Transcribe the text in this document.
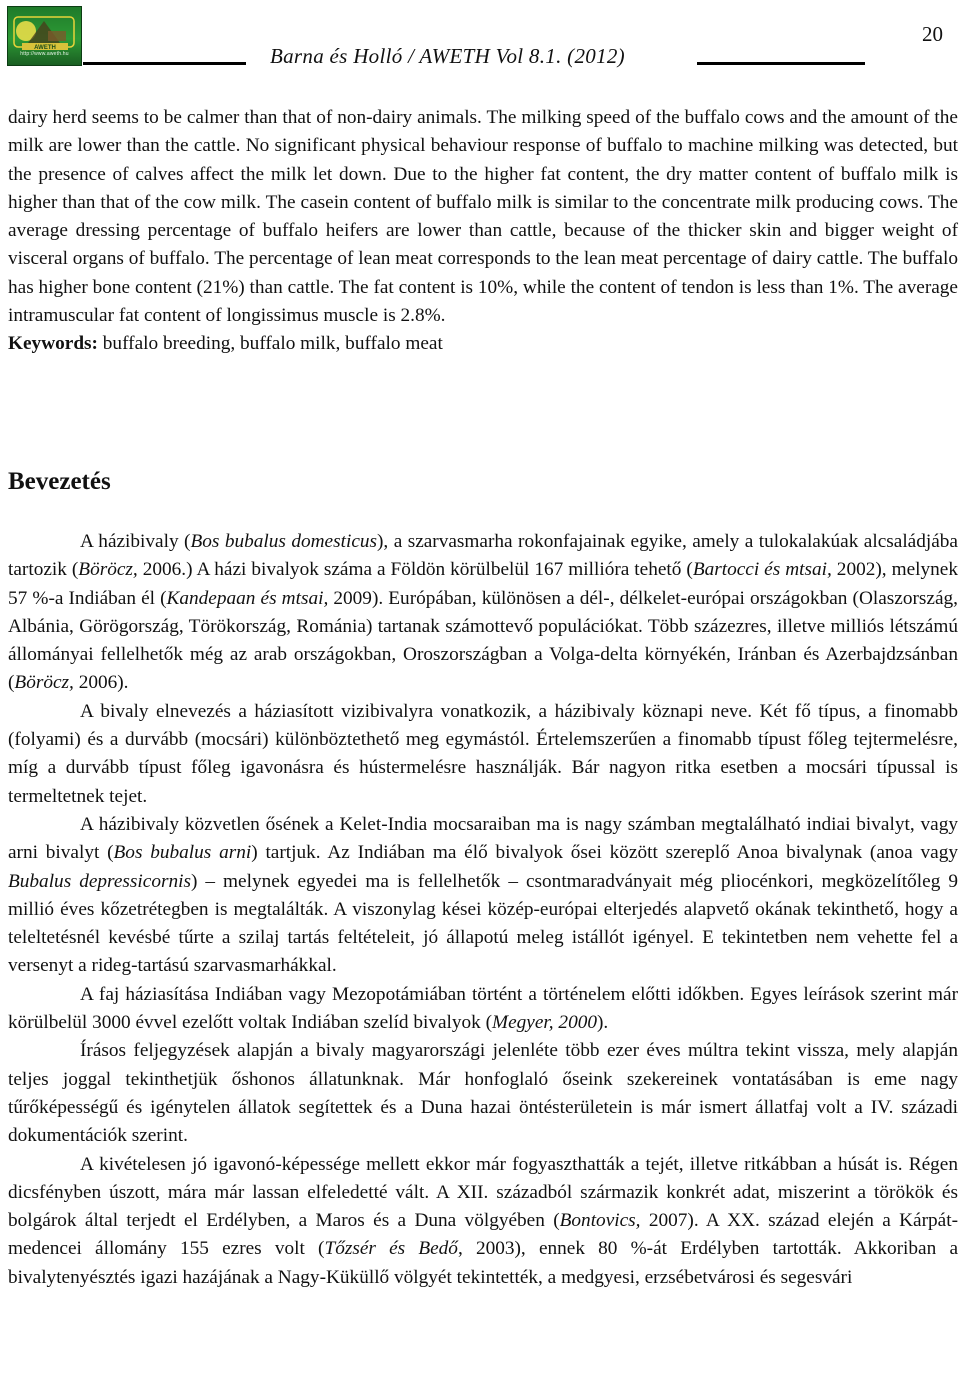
AWETH
http://www.aweth.hu	Barna és Holló / AWETH Vol 8.1. (2012)
20

dairy herd seems to be calmer than that of non-dairy animals. The milking speed of the buffalo cows and the amount of the milk are lower than the cattle. No significant physical behaviour response of buffalo to machine milking was detected, but the presence of calves affect the milk let down. Due to the higher fat content, the dry matter content of buffalo milk is higher than that of the cow milk. The casein content of buffalo milk is similar to the concentrate milk producing cows. The average dressing percentage of buffalo heifers are lower than cattle, because of the thicker skin and bigger weight of visceral organs of buffalo. The percentage of lean meat corresponds to the lean meat percentage of dairy cattle. The buffalo has higher bone content (21%) than cattle. The fat content is 10%, while the content of tendon is less than 1%. The average intramuscular fat content of longissimus muscle is 2.8%.

Keywords: buffalo breeding, buffalo milk, buffalo meat

Bevezetés

A házibivaly (Bos bubalus domesticus), a szarvasmarha rokonfajainak egyike, amely a tulokalakúak alcsaládjába tartozik (Böröcz, 2006.) A házi bivalyok száma a Földön körülbelül 167 millióra tehető (Bartocci és mtsai, 2002), melynek 57 %-a Indiában él (Kandepaan és mtsai, 2009). Európában, különösen a dél-, délkelet-európai országokban (Olaszország, Albánia, Görögország, Törökország, Románia) tartanak számottevő populációkat. Több százezres, illetve milliós létszámú állományai fellelhetők még az arab országokban, Oroszországban a Volga-delta környékén, Iránban és Azerbajdzsánban (Böröcz, 2006).

A bivaly elnevezés a háziasított vizibivalyra vonatkozik, a házibivaly köznapi neve. Két fő típus, a finomabb (folyami) és a durvább (mocsári) különböztethető meg egymástól. Értelemszerűen a finomabb típust főleg tejtermelésre, míg a durvább típust főleg igavonásra és hústermelésre használják. Bár nagyon ritka esetben a mocsári típussal is termeltetnek tejet.

A házibivaly közvetlen ősének a Kelet-India mocsaraiban ma is nagy számban megtalálható indiai bivalyt, vagy arni bivalyt (Bos bubalus arni) tartjuk. Az Indiában ma élő bivalyok ősei között szereplő Anoa bivalynak (anoa vagy Bubalus depressicornis) – melynek egyedei ma is fellelhetők – csontmaradványait még pliocénkori, megközelítőleg 9 millió éves kőzetrétegben is megtalálták. A viszonylag kései közép-európai elterjedés alapvető okának tekinthető, hogy a teleltetésnél kevésbé tűrte a szilaj tartás feltételeit, jó állapotú meleg istállót igényel. E tekintetben nem vehette fel a versenyt a rideg-tartású szarvasmarhákkal.

A faj háziasítása Indiában vagy Mezopotámiában történt a történelem előtti időkben. Egyes leírások szerint már körülbelül 3000 évvel ezelőtt voltak Indiában szelíd bivalyok (Megyer, 2000).

Írásos feljegyzések alapján a bivaly magyarországi jelenléte több ezer éves múltra tekint vissza, mely alapján teljes joggal tekinthetjük őshonos állatunknak. Már honfoglaló őseink szekereinek vontatásában is eme nagy tűrőképességű és igénytelen állatok segítettek és a Duna hazai öntésterületein is már ismert állatfaj volt a IV. századi dokumentációk szerint.

A kivételesen jó igavonó-képessége mellett ekkor már fogyaszthatták a tejét, illetve ritkábban a húsát is. Régen dicsfényben úszott, mára már lassan elfeledetté vált. A XII. századból származik konkrét adat, miszerint a törökök és bolgárok által terjedt el Erdélyben, a Maros és a Duna völgyében (Bontovics, 2007). A XX. század elején a Kárpát-medencei állomány 155 ezres volt (Tőzsér és Bedő, 2003), ennek 80 %-át Erdélyben tartották. Akkoriban a bivalytenyésztés igazi hazájának a Nagy-Küküllő völgyét tekintették, a medgyesi, erzsébetvárosi és segesvári
